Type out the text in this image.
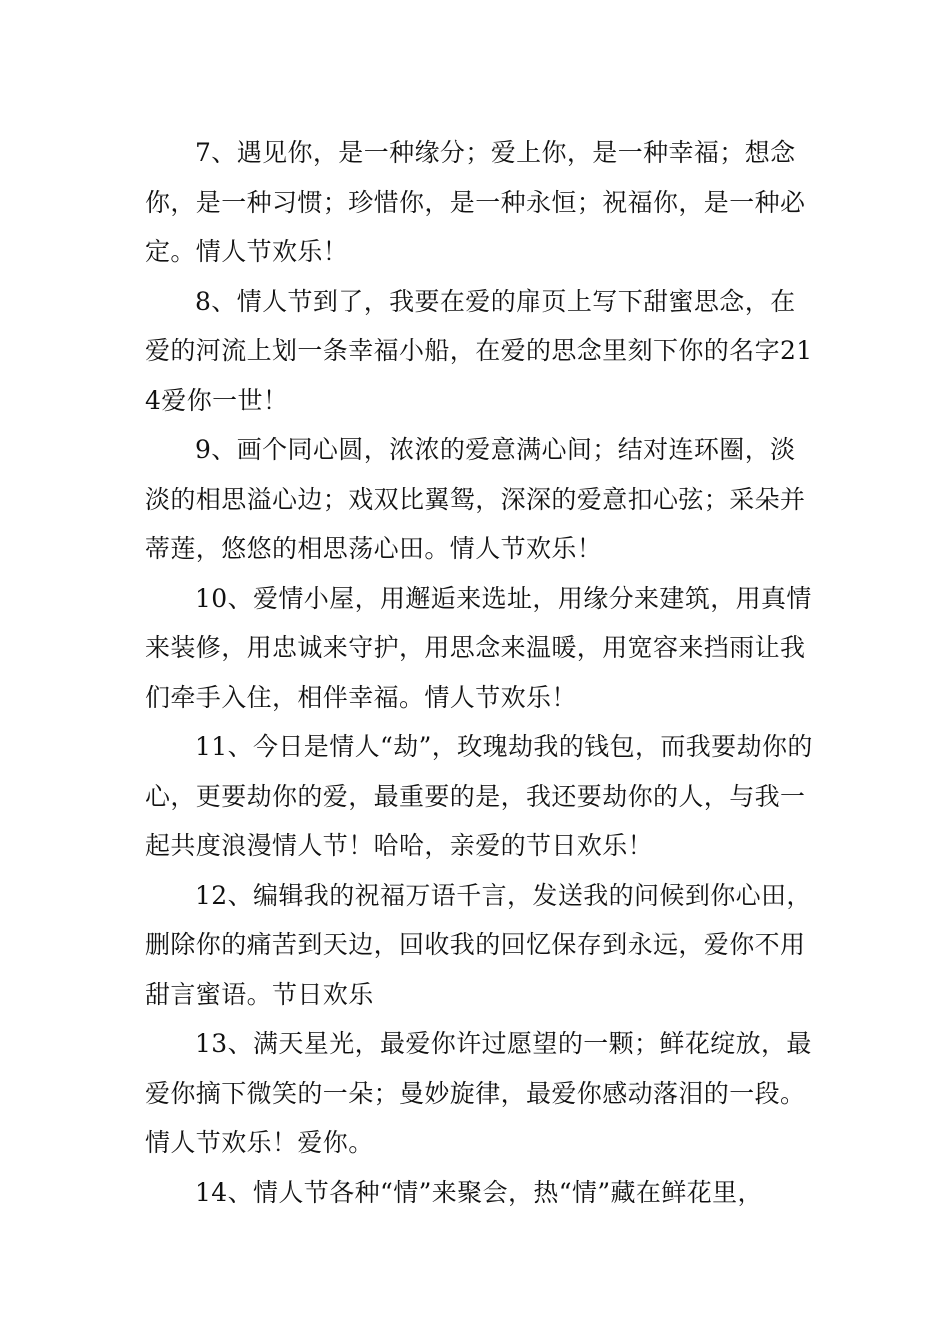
7、遇见你，是一种缘分；爱上你，是一种幸福；想念你，是一种习惯；珍惜你，是一种永恒；祝福你，是一种必定。情人节欢乐！

8、情人节到了，我要在爱的扉页上写下甜蜜思念，在爱的河流上划一条幸福小船，在爱的思念里刻下你的名字214爱你一世！

9、画个同心圆，浓浓的爱意满心间；结对连环圈，淡淡的相思溢心边；戏双比翼鸳，深深的爱意扣心弦；采朵并蒂莲，悠悠的相思荡心田。情人节欢乐！

10、爱情小屋，用邂逅来选址，用缘分来建筑，用真情来装修，用忠诚来守护，用思念来温暖，用宽容来挡雨让我们牵手入住，相伴幸福。情人节欢乐！

11、今日是情人“劫”，玫瑰劫我的钱包，而我要劫你的心，更要劫你的爱，最重要的是，我还要劫你的人，与我一起共度浪漫情人节！哈哈，亲爱的节日欢乐！

12、编辑我的祝福万语千言，发送我的问候到你心田，删除你的痛苦到天边，回收我的回忆保存到永远，爱你不用甜言蜜语。节日欢乐

13、满天星光，最爱你许过愿望的一颗；鲜花绽放，最爱你摘下微笑的一朵；曼妙旋律，最爱你感动落泪的一段。情人节欢乐！爱你。

14、情人节各种“情”来聚会，热“情”藏在鲜花里，
